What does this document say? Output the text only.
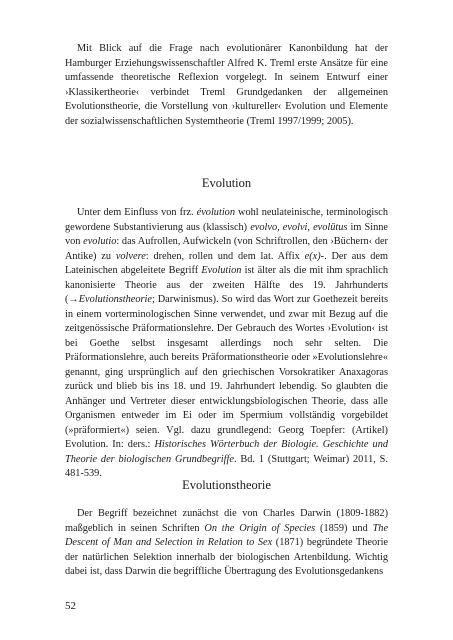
Mit Blick auf die Frage nach evolutionärer Kanonbildung hat der Hamburger Erziehungswissenschaftler Alfred K. Treml erste Ansätze für eine umfassende theoretische Reflexion vorgelegt. In seinem Entwurf einer ›Klassikertheorie‹ verbindet Treml Grundgedanken der allgemeinen Evolutionstheorie, die Vorstellung von ›kultureller‹ Evolution und Elemente der sozialwissenschaftlichen Systemtheorie (Treml 1997/1999; 2005).

Evolution

Unter dem Einfluss von frz. évolution wohl neulateinische, terminologisch gewordene Substantivierung aus (klassisch) evolvo, evolvi, evolūtus im Sinne von evolutio: das Aufrollen, Aufwickeln (von Schriftrollen, den ›Büchern‹ der Antike) zu volvere: drehen, rollen und dem lat. Affix e(x)-. Der aus dem Lateinischen abgeleitete Begriff Evolution ist älter als die mit ihm sprachlich kanonisierte Theorie aus der zweiten Hälfte des 19. Jahrhunderts (→Evolutionstheorie; Darwinismus). So wird das Wort zur Goethezeit bereits in einem vorterminologischen Sinne verwendet, und zwar mit Bezug auf die zeitgenössische Präformationslehre. Der Gebrauch des Wortes ›Evolution‹ ist bei Goethe selbst insgesamt allerdings noch sehr selten. Die Präformationslehre, auch bereits Präformationstheorie oder »Evolutionslehre« genannt, ging ursprünglich auf den griechischen Vorsokratiker Anaxagoras zurück und blieb bis ins 18. und 19. Jahrhundert lebendig. So glaubten die Anhänger und Vertreter dieser entwicklungsbiologischen Theorie, dass alle Organismen entweder im Ei oder im Spermium vollständig vorgebildet (»präformiert«) seien. Vgl. dazu grundlegend: Georg Toepfer: (Artikel) Evolution. In: ders.: Historisches Wörterbuch der Biologie. Geschichte und Theorie der biologischen Grundbegriffe. Bd. 1 (Stuttgart; Weimar) 2011, S. 481-539.

Evolutionstheorie

Der Begriff bezeichnet zunächst die von Charles Darwin (1809-1882) maßgeblich in seinen Schriften On the Origin of Species (1859) und The Descent of Man and Selection in Relation to Sex (1871) begründete Theorie der natürlichen Selektion innerhalb der biologischen Artenbildung. Wichtig dabei ist, dass Darwin die begriffliche Übertragung des Evolutionsgedankens

52
